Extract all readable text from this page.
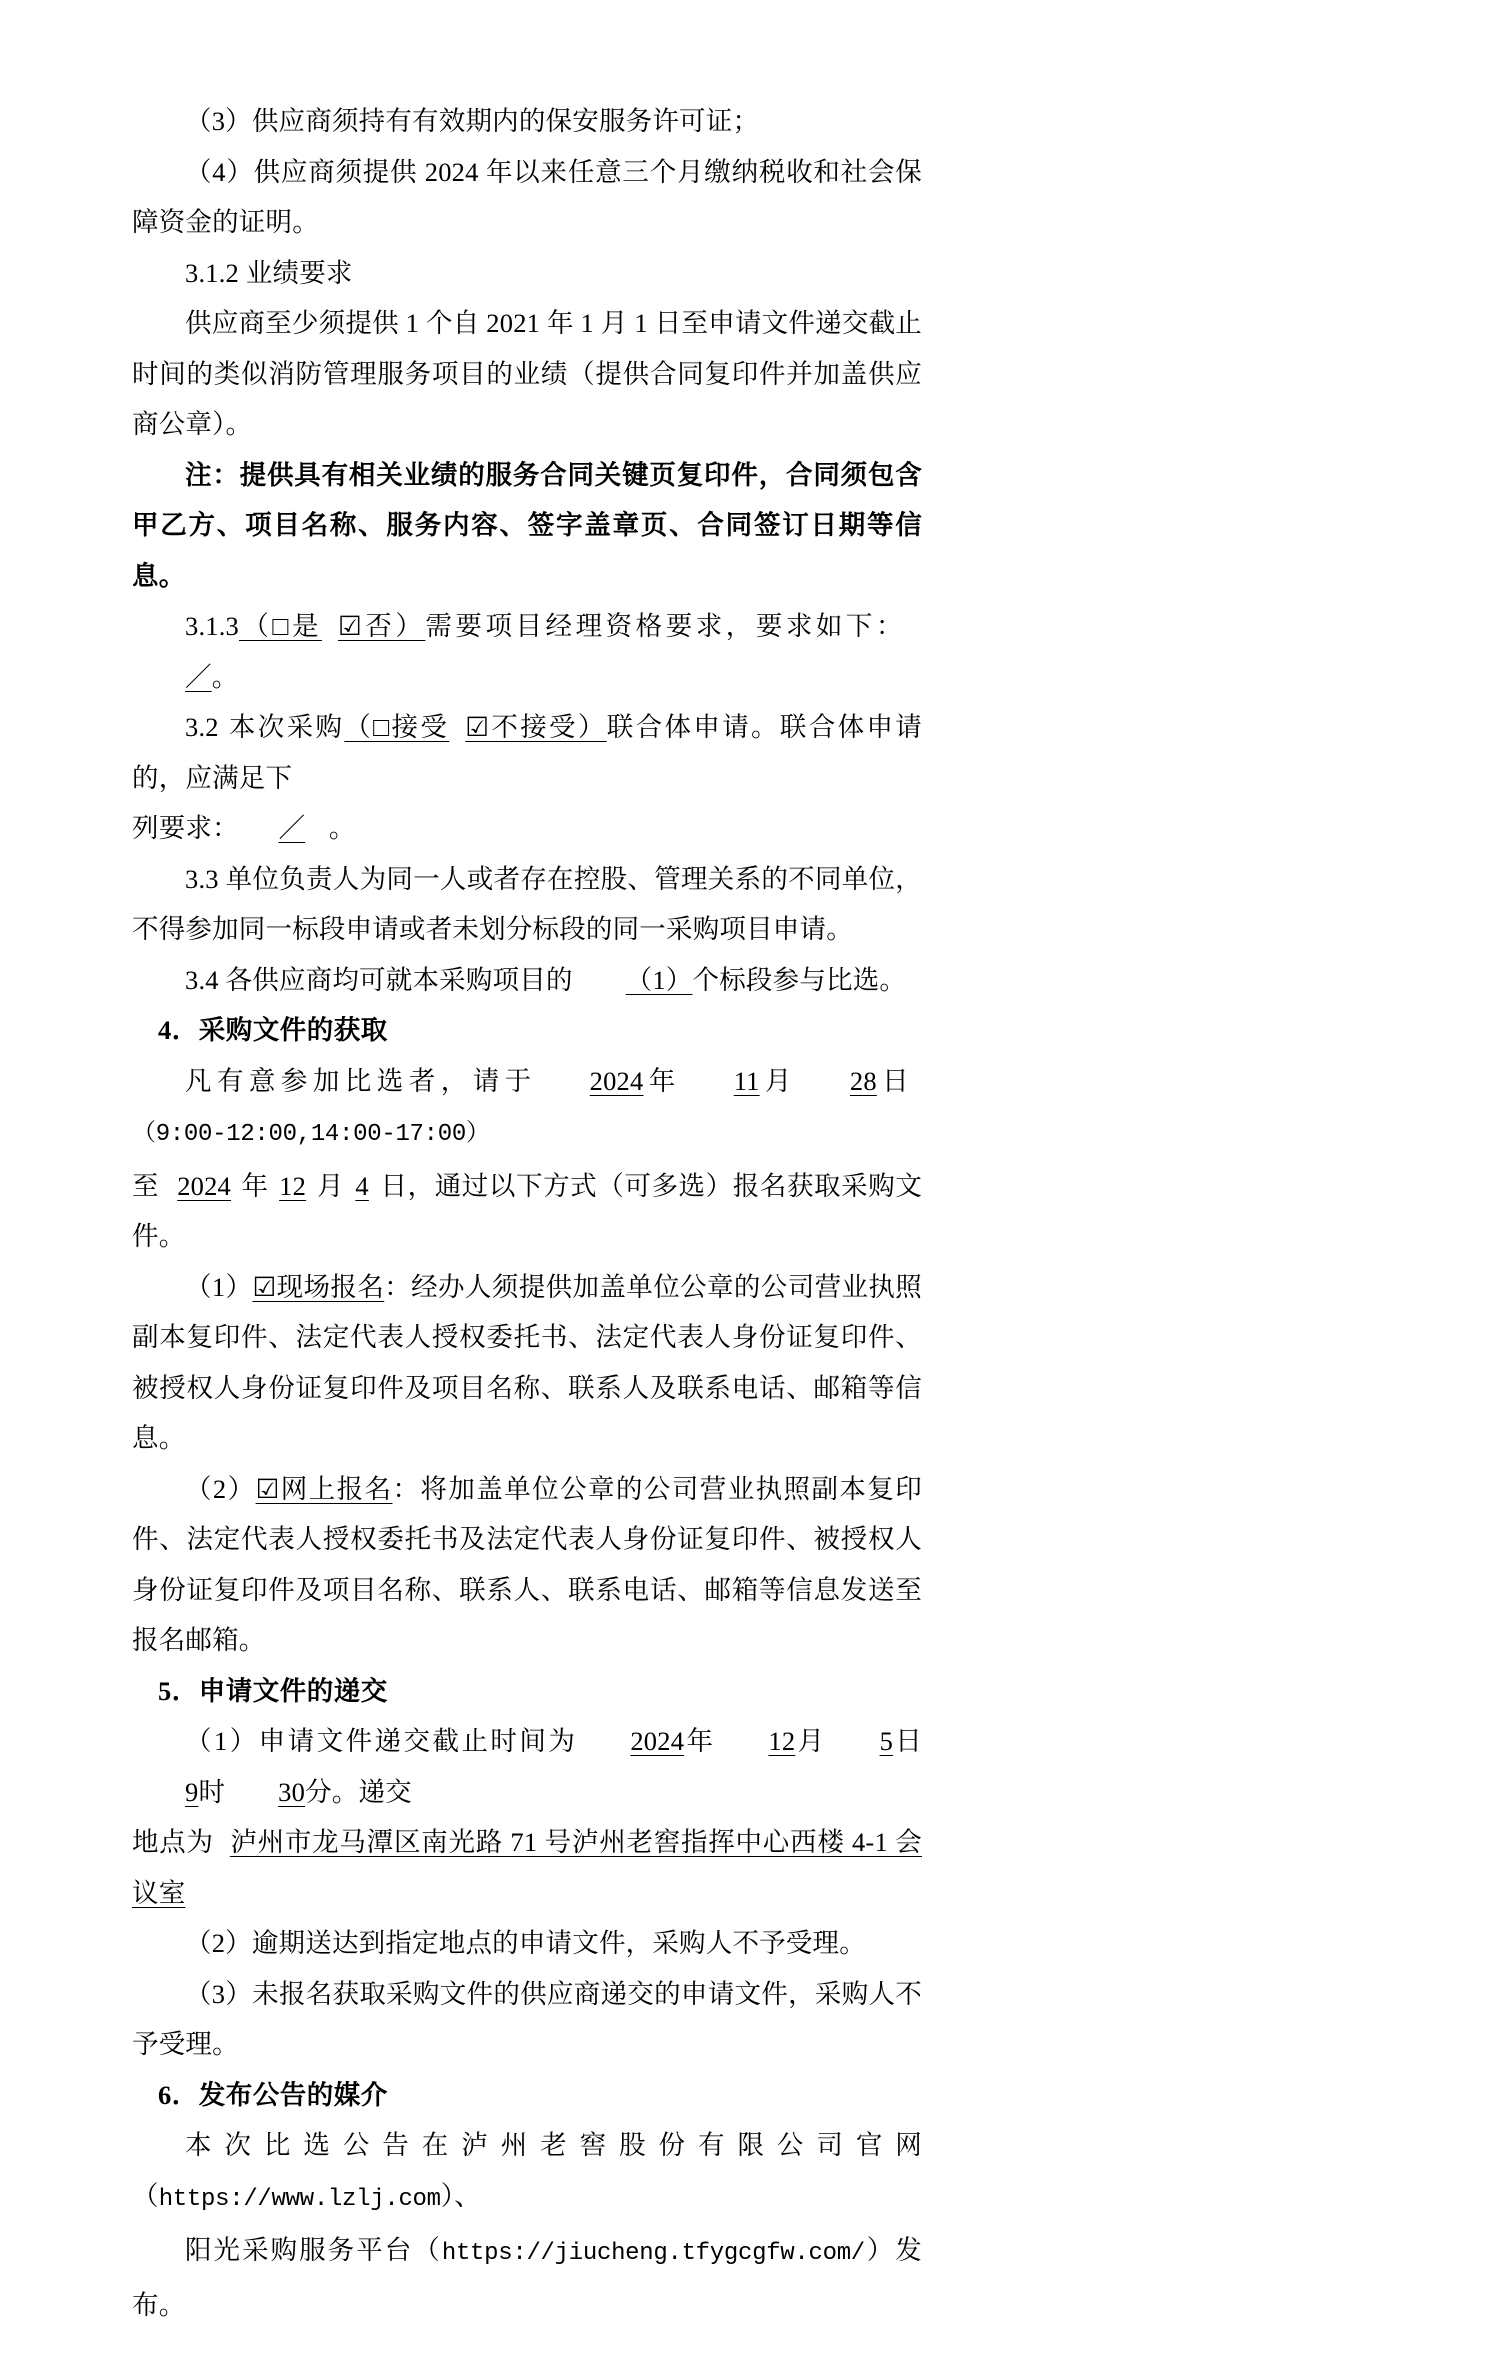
（3）供应商须持有有效期内的保安服务许可证；

（4）供应商须提供 2024 年以来任意三个月缴纳税收和社会保障资金的证明。

3.1.2 业绩要求

供应商至少须提供 1 个自 2021 年 1 月 1 日至申请文件递交截止时间的类似消防管理服务项目的业绩（提供合同复印件并加盖供应商公章）。

注：提供具有相关业绩的服务合同关键页复印件，合同须包含甲乙方、项目名称、服务内容、签字盖章页、合同签订日期等信息。

3.1.3（□是 ☑否）需要项目经理资格要求，要求如下：／。

3.2 本次采购（□接受 ☑不接受）联合体申请。联合体申请的，应满足下

列要求： ／ 。

3.3 单位负责人为同一人或者存在控股、管理关系的不同单位，不得参加同一标段申请或者未划分标段的同一采购项目申请。

3.4 各供应商均可就本采购项目的 （1）个标段参与比选。

4．采购文件的获取

凡有意参加比选者，请于 2024年 11月 28日（9:00-12:00,14:00-17:00）

至 2024 年 12 月 4 日，通过以下方式（可多选）报名获取采购文件。

（1）☑现场报名：经办人须提供加盖单位公章的公司营业执照副本复印件、法定代表人授权委托书、法定代表人身份证复印件、被授权人身份证复印件及项目名称、联系人及联系电话、邮箱等信息。

（2）☑网上报名：将加盖单位公章的公司营业执照副本复印件、法定代表人授权委托书及法定代表人身份证复印件、被授权人身份证复印件及项目名称、联系人、联系电话、邮箱等信息发送至报名邮箱。

5．申请文件的递交

（1）申请文件递交截止时间为 2024年 12月 5日9时 30分。递交

地点为 泸州市龙马潭区南光路 71 号泸州老窖指挥中心西楼 4-1 会议室

（2）逾期送达到指定地点的申请文件，采购人不予受理。

（3）未报名获取采购文件的供应商递交的申请文件，采购人不予受理。

6．发布公告的媒介

本次比选公告在泸州老窖股份有限公司官网（https://www.lzlj.com）、

阳光采购服务平台（https://jiucheng.tfygcgfw.com/）发布。
